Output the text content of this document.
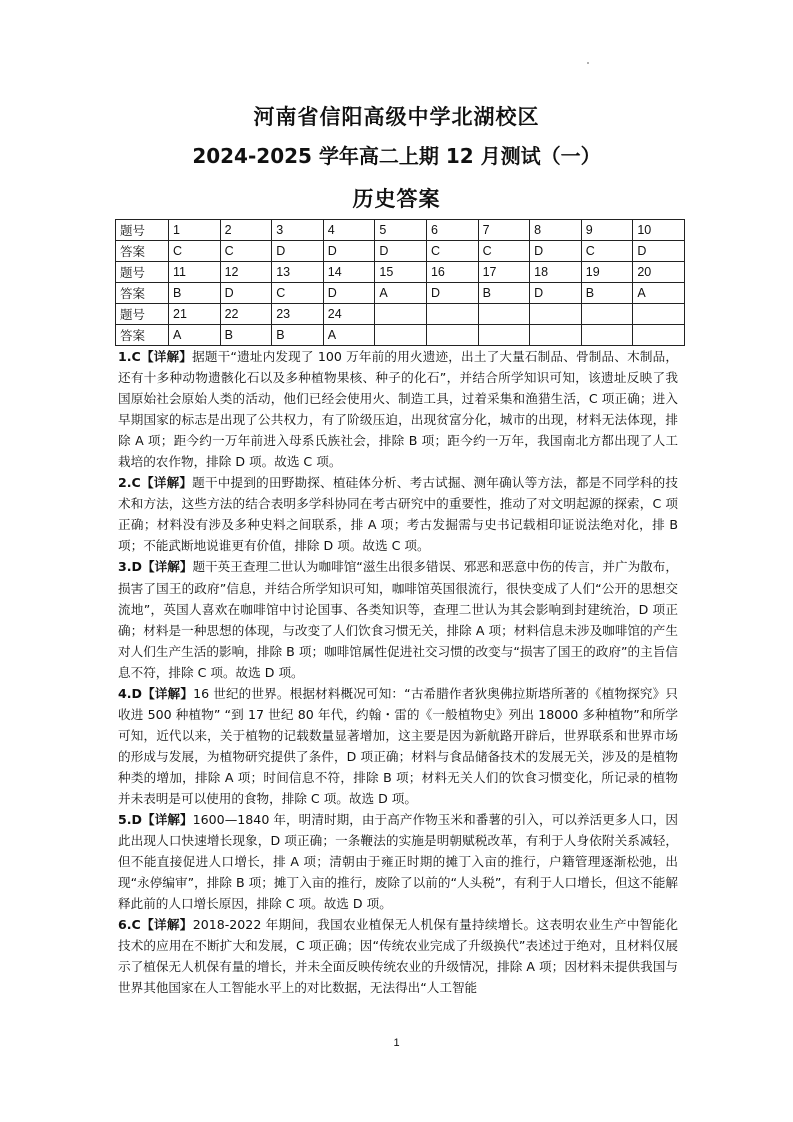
河南省信阳高级中学北湖校区
2024-2025 学年高二上期 12 月测试（一）
历史答案
题号	1	2	3	4	5	6	7	8	9	10
答案	C	C	D	D	D	C	C	D	C	D
题号	11	12	13	14	15	16	17	18	19	20
答案	B	D	C	D	A	D	B	D	B	A
题号	21	22	23	24						
答案	A	B	B	A						

1.C【详解】据题干“遗址内发现了 100 万年前的用火遗迹，出土了大量石制品、骨制品、木制品，还有十多种动物遗骸化石以及多种植物果核、种子的化石”，并结合所学知识可知，该遗址反映了我国原始社会原始人类的活动，他们已经会使用火、制造工具，过着采集和渔猎生活，C 项正确；进入早期国家的标志是出现了公共权力，有了阶级压迫，出现贫富分化，城市的出现，材料无法体现，排除 A 项；距今约一万年前进入母系氏族社会，排除 B 项；距今约一万年，我国南北方都出现了人工栽培的农作物，排除 D 项。故选 C 项。

2.C【详解】题干中提到的田野勘探、植硅体分析、考古试掘、测年确认等方法，都是不同学科的技术和方法，这些方法的结合表明多学科协同在考古研究中的重要性，推动了对文明起源的探索，C 项正确；材料没有涉及多种史料之间联系，排 A 项；考古发掘需与史书记载相印证说法绝对化，排 B 项；不能武断地说谁更有价值，排除 D 项。故选 C 项。

3.D【详解】题干英王查理二世认为咖啡馆“滋生出很多错误、邪恶和恶意中伤的传言，并广为散布，损害了国王的政府”信息，并结合所学知识可知，咖啡馆英国很流行，很快变成了人们“公开的思想交流地”，英国人喜欢在咖啡馆中讨论国事、各类知识等，查理二世认为其会影响到封建统治，D 项正确；材料是一种思想的体现，与改变了人们饮食习惯无关，排除 A 项；材料信息未涉及咖啡馆的产生对人们生产生活的影响，排除 B 项；咖啡馆属性促进社交习惯的改变与“损害了国王的政府”的主旨信息不符，排除 C 项。故选 D 项。

4.D【详解】16 世纪的世界。根据材料概况可知：“古希腊作者狄奥佛拉斯塔所著的《植物探究》只收进 500 种植物” “到 17 世纪 80 年代，约翰・雷的《一般植物史》列出 18000 多种植物”和所学可知，近代以来，关于植物的记载数量显著增加，这主要是因为新航路开辟后，世界联系和世界市场的形成与发展，为植物研究提供了条件，D 项正确；材料与食品储备技术的发展无关，涉及的是植物种类的增加，排除 A 项；时间信息不符，排除 B 项；材料无关人们的饮食习惯变化，所记录的植物并未表明是可以使用的食物，排除 C 项。故选 D 项。

5.D【详解】1600—1840 年，明清时期，由于高产作物玉米和番薯的引入，可以养活更多人口，因此出现人口快速增长现象，D 项正确；一条鞭法的实施是明朝赋税改革，有利于人身依附关系减轻，但不能直接促进人口增长，排 A 项；清朝由于雍正时期的摊丁入亩的推行，户籍管理逐渐松弛，出现“永停编审”，排除 B 项；摊丁入亩的推行，废除了以前的“人头税”，有利于人口增长，但这不能解释此前的人口增长原因，排除 C 项。故选 D 项。

6.C【详解】2018-2022 年期间，我国农业植保无人机保有量持续增长。这表明农业生产中智能化技术的应用在不断扩大和发展，C 项正确；因“传统农业完成了升级换代”表述过于绝对，且材料仅展示了植保无人机保有量的增长，并未全面反映传统农业的升级情况，排除 A 项；因材料未提供我国与世界其他国家在人工智能水平上的对比数据，无法得出“人工智能

1
